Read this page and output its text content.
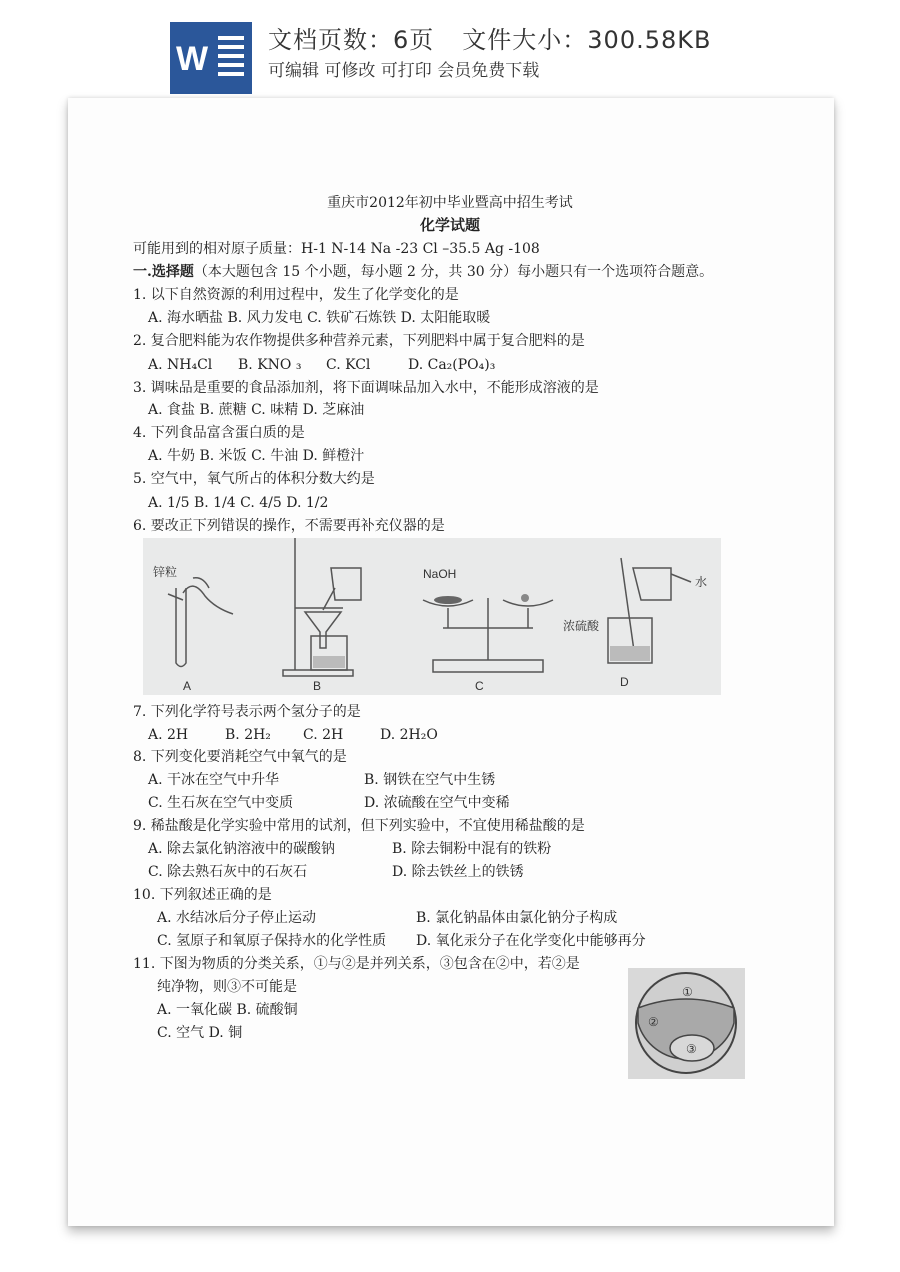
W 文档页数：6页 文件大小：300.58KB
可编辑 可修改 可打印 会员免费下载
重庆市2012年初中毕业暨高中招生考试
化学试题
可能用到的相对原子质量：H-1 N-14 Na -23 Cl –35.5 Ag -108
一.选择题（本大题包含 15 个小题，每小题 2 分，共 30 分）每小题只有一个选项符合题意。
1. 以下自然资源的利用过程中，发生了化学变化的是
A. 海水晒盐 B. 风力发电 C. 铁矿石炼铁 D. 太阳能取暖
2. 复合肥料能为农作物提供多种营养元素，下列肥料中属于复合肥料的是
A. NH₄Cl B. KNO ₃ C. KCl	D. Ca₂(PO₄)₃
3. 调味品是重要的食品添加剂，将下面调味品加入水中，不能形成溶液的是
A. 食盐 B. 蔗糖 C. 味精 D. 芝麻油
4. 下列食品富含蛋白质的是
A. 牛奶 B. 米饭 C. 牛油 D. 鲜橙汁
5. 空气中，氧气所占的体积分数大约是
A. 1/5 B. 1/4 C. 4/5 D. 1/2
6. 要改正下列错误的操作，不需要再补充仪器的是
锌粒
A	B
NaOH
C
浓硫酸
水
D
7. 下列化学符号表示两个氢分子的是
A. 2H	B. 2H₂ C. 2H	D. 2H₂O
8. 下列变化要消耗空气中氧气的是
A. 干冰在空气中升华	B. 钢铁在空气中生锈
C. 生石灰在空气中变质	D. 浓硫酸在空气中变稀
9. 稀盐酸是化学实验中常用的试剂，但下列实验中，不宜使用稀盐酸的是
A. 除去氯化钠溶液中的碳酸钠	B. 除去铜粉中混有的铁粉
C. 除去熟石灰中的石灰石	D. 除去铁丝上的铁锈
10. 下列叙述正确的是
A. 水结冰后分子停止运动	B. 氯化钠晶体由氯化钠分子构成
C. 氢原子和氧原子保持水的化学性质 D. 氧化汞分子在化学变化中能够再分
11. 下图为物质的分类关系，①与②是并列关系，③包含在②中，若②是
纯净物，则③不可能是
A. 一氧化碳 B. 硫酸铜
C. 空气 D. 铜
①
②
③
